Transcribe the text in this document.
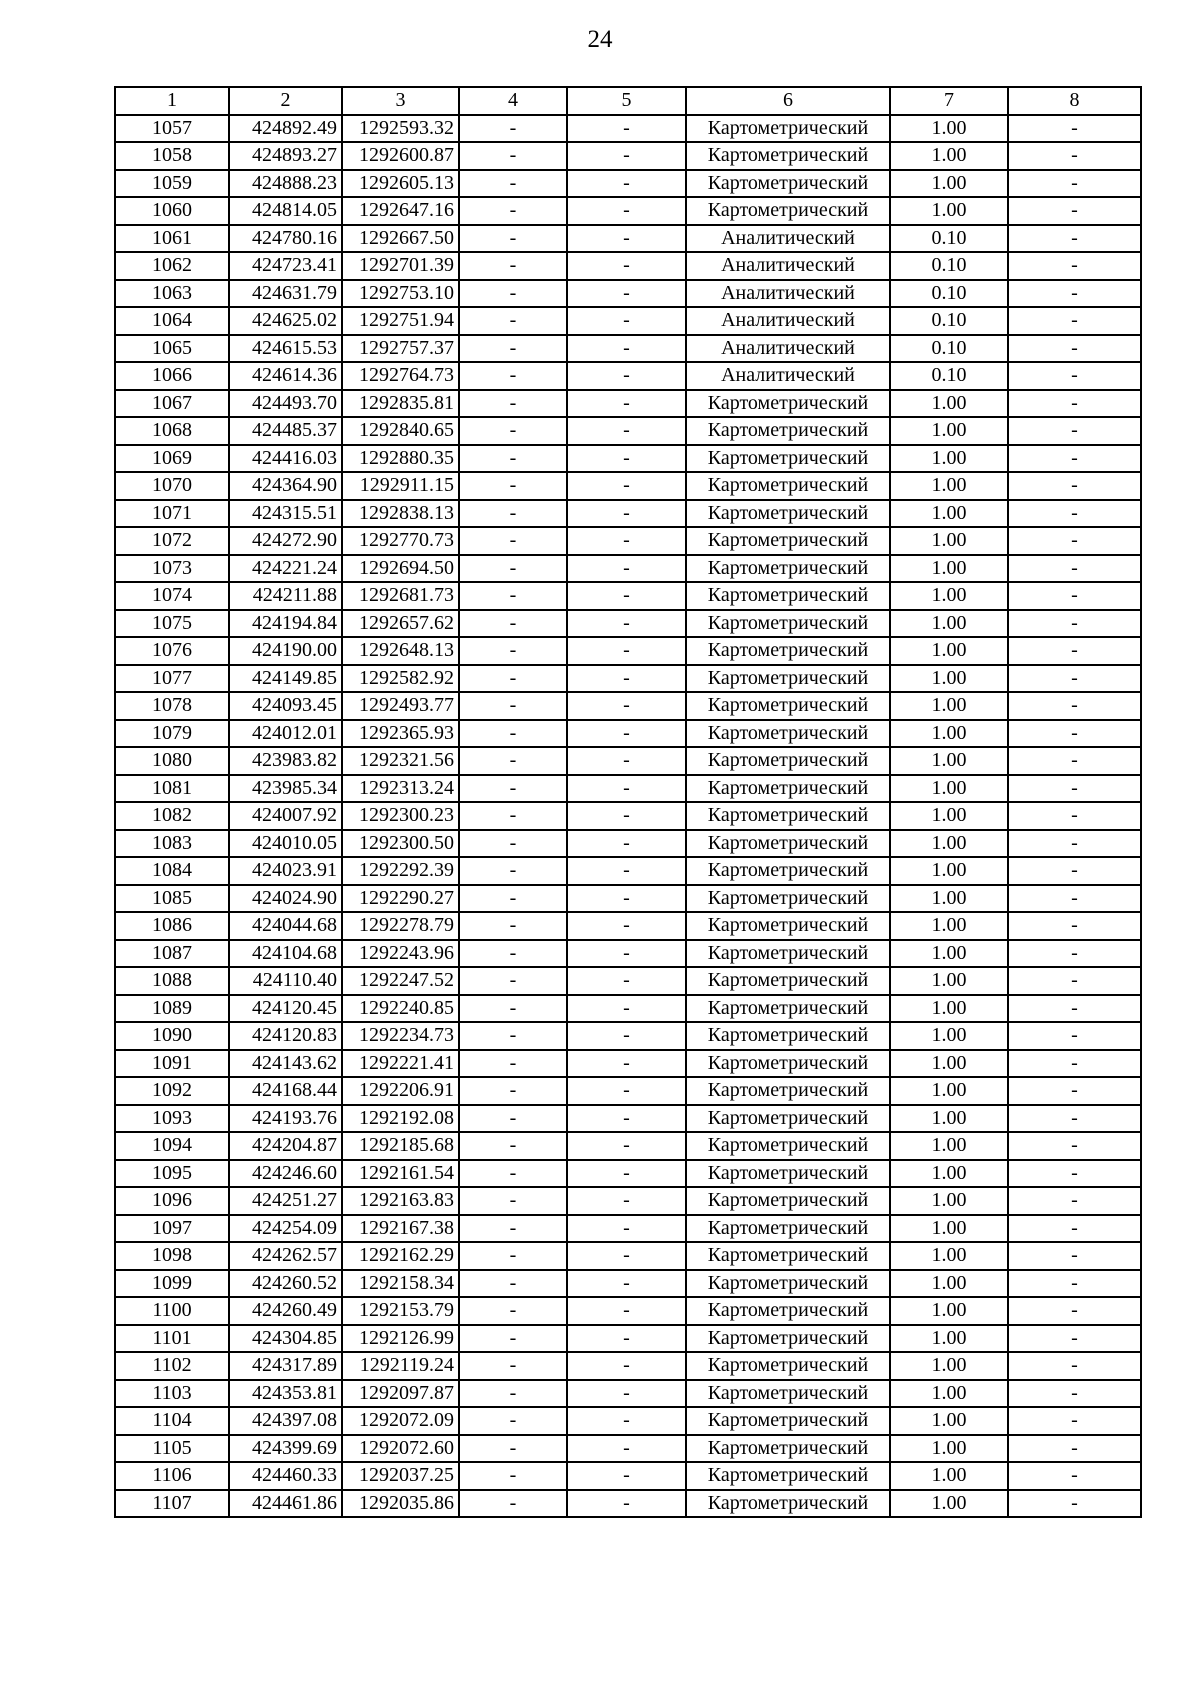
24
1	2	3	4	5	6	7	8
1057	424892.49	1292593.32	-	-	Картометрический	1.00	-
1058	424893.27	1292600.87	-	-	Картометрический	1.00	-
1059	424888.23	1292605.13	-	-	Картометрический	1.00	-
1060	424814.05	1292647.16	-	-	Картометрический	1.00	-
1061	424780.16	1292667.50	-	-	Аналитический	0.10	-
1062	424723.41	1292701.39	-	-	Аналитический	0.10	-
1063	424631.79	1292753.10	-	-	Аналитический	0.10	-
1064	424625.02	1292751.94	-	-	Аналитический	0.10	-
1065	424615.53	1292757.37	-	-	Аналитический	0.10	-
1066	424614.36	1292764.73	-	-	Аналитический	0.10	-
1067	424493.70	1292835.81	-	-	Картометрический	1.00	-
1068	424485.37	1292840.65	-	-	Картометрический	1.00	-
1069	424416.03	1292880.35	-	-	Картометрический	1.00	-
1070	424364.90	1292911.15	-	-	Картометрический	1.00	-
1071	424315.51	1292838.13	-	-	Картометрический	1.00	-
1072	424272.90	1292770.73	-	-	Картометрический	1.00	-
1073	424221.24	1292694.50	-	-	Картометрический	1.00	-
1074	424211.88	1292681.73	-	-	Картометрический	1.00	-
1075	424194.84	1292657.62	-	-	Картометрический	1.00	-
1076	424190.00	1292648.13	-	-	Картометрический	1.00	-
1077	424149.85	1292582.92	-	-	Картометрический	1.00	-
1078	424093.45	1292493.77	-	-	Картометрический	1.00	-
1079	424012.01	1292365.93	-	-	Картометрический	1.00	-
1080	423983.82	1292321.56	-	-	Картометрический	1.00	-
1081	423985.34	1292313.24	-	-	Картометрический	1.00	-
1082	424007.92	1292300.23	-	-	Картометрический	1.00	-
1083	424010.05	1292300.50	-	-	Картометрический	1.00	-
1084	424023.91	1292292.39	-	-	Картометрический	1.00	-
1085	424024.90	1292290.27	-	-	Картометрический	1.00	-
1086	424044.68	1292278.79	-	-	Картометрический	1.00	-
1087	424104.68	1292243.96	-	-	Картометрический	1.00	-
1088	424110.40	1292247.52	-	-	Картометрический	1.00	-
1089	424120.45	1292240.85	-	-	Картометрический	1.00	-
1090	424120.83	1292234.73	-	-	Картометрический	1.00	-
1091	424143.62	1292221.41	-	-	Картометрический	1.00	-
1092	424168.44	1292206.91	-	-	Картометрический	1.00	-
1093	424193.76	1292192.08	-	-	Картометрический	1.00	-
1094	424204.87	1292185.68	-	-	Картометрический	1.00	-
1095	424246.60	1292161.54	-	-	Картометрический	1.00	-
1096	424251.27	1292163.83	-	-	Картометрический	1.00	-
1097	424254.09	1292167.38	-	-	Картометрический	1.00	-
1098	424262.57	1292162.29	-	-	Картометрический	1.00	-
1099	424260.52	1292158.34	-	-	Картометрический	1.00	-
1100	424260.49	1292153.79	-	-	Картометрический	1.00	-
1101	424304.85	1292126.99	-	-	Картометрический	1.00	-
1102	424317.89	1292119.24	-	-	Картометрический	1.00	-
1103	424353.81	1292097.87	-	-	Картометрический	1.00	-
1104	424397.08	1292072.09	-	-	Картометрический	1.00	-
1105	424399.69	1292072.60	-	-	Картометрический	1.00	-
1106	424460.33	1292037.25	-	-	Картометрический	1.00	-
1107	424461.86	1292035.86	-	-	Картометрический	1.00	-
